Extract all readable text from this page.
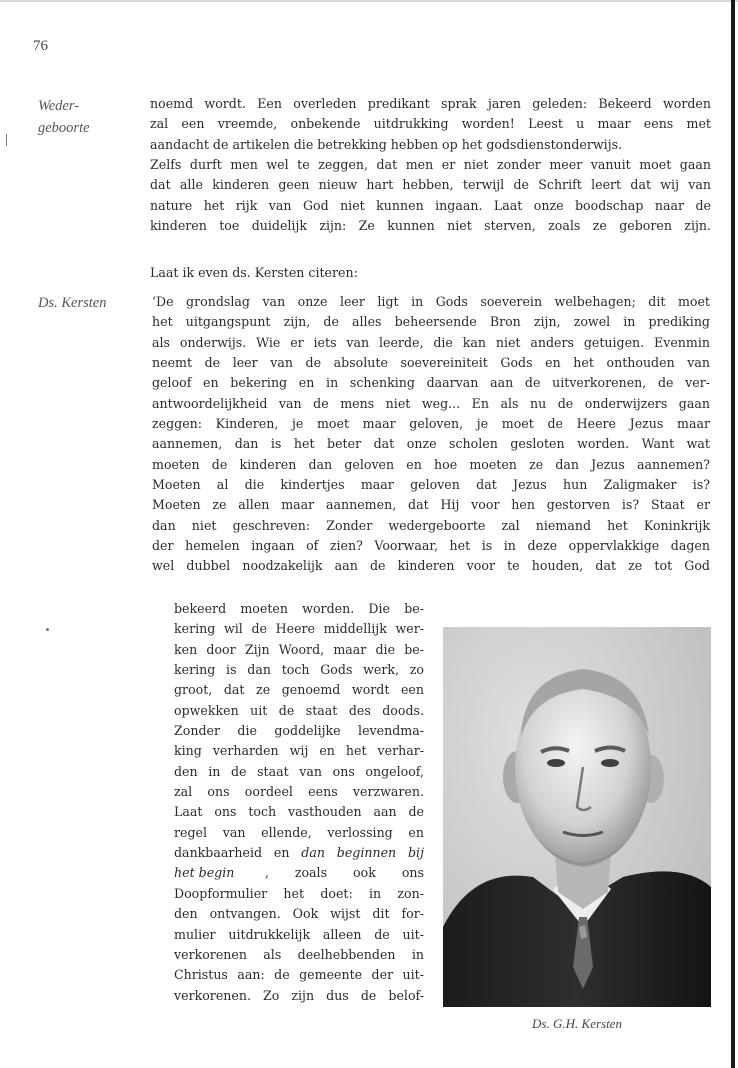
76
Weder-
geboorte
Ds. Kersten
noemd wordt. Een overleden predikant sprak jaren geleden: Bekeerd worden
zal een vreemde, onbekende uitdrukking worden! Leest u maar eens met
aandacht de artikelen die betrekking hebben op het godsdienstonderwijs.
Zelfs durft men wel te zeggen, dat men er niet zonder meer vanuit moet gaan
dat alle kinderen geen nieuw hart hebben, terwijl de Schrift leert dat wij van
nature het rijk van God niet kunnen ingaan. Laat onze boodschap naar de
kinderen toe duidelijk zijn: Ze kunnen niet sterven, zoals ze geboren zijn.
Laat ik even ds. Kersten citeren:
‘De grondslag van onze leer ligt in Gods soeverein welbehagen; dit moet
het uitgangspunt zijn, de alles beheersende Bron zijn, zowel in prediking
als onderwijs. Wie er iets van leerde, die kan niet anders getuigen. Evenmin
neemt de leer van de absolute soevereiniteit Gods en het onthouden van
geloof en bekering en in schenking daarvan aan de uitverkorenen, de ver-
antwoordelijkheid van de mens niet weg... En als nu de onderwijzers gaan
zeggen: Kinderen, je moet maar geloven, je moet de Heere Jezus maar
aannemen, dan is het beter dat onze scholen gesloten worden. Want wat
moeten de kinderen dan geloven en hoe moeten ze dan Jezus aannemen?
Moeten al die kindertjes maar geloven dat Jezus hun Zaligmaker is?
Moeten ze allen maar aannemen, dat Hij voor hen gestorven is? Staat er
dan niet geschreven: Zonder wedergeboorte zal niemand het Koninkrijk
der hemelen ingaan of zien? Voorwaar, het is in deze oppervlakkige dagen
wel dubbel noodzakelijk aan de kinderen voor te houden, dat ze tot God
bekeerd moeten worden. Die be-
kering wil de Heere middellijk wer-
ken door Zijn Woord, maar die be-
kering is dan toch Gods werk, zo
groot, dat ze genoemd wordt een
opwekken uit de staat des doods.
Zonder die goddelijke levendma-
king verharden wij en het verhar-
den in de staat van ons ongeloof,
zal ons oordeel eens verzwaren.
Laat ons toch vasthouden aan de
regel van ellende, verlossing en
dankbaarheid en dan beginnen bij
het begin , zoals ook ons
Doopformulier het doet: in zon-
den ontvangen. Ook wijst dit for-
mulier uitdrukkelijk alleen de uit-
verkorenen als deelhebbenden in
Christus aan: de gemeente der uit-
verkorenen. Zo zijn dus de belof-
Ds. G.H. Kersten
